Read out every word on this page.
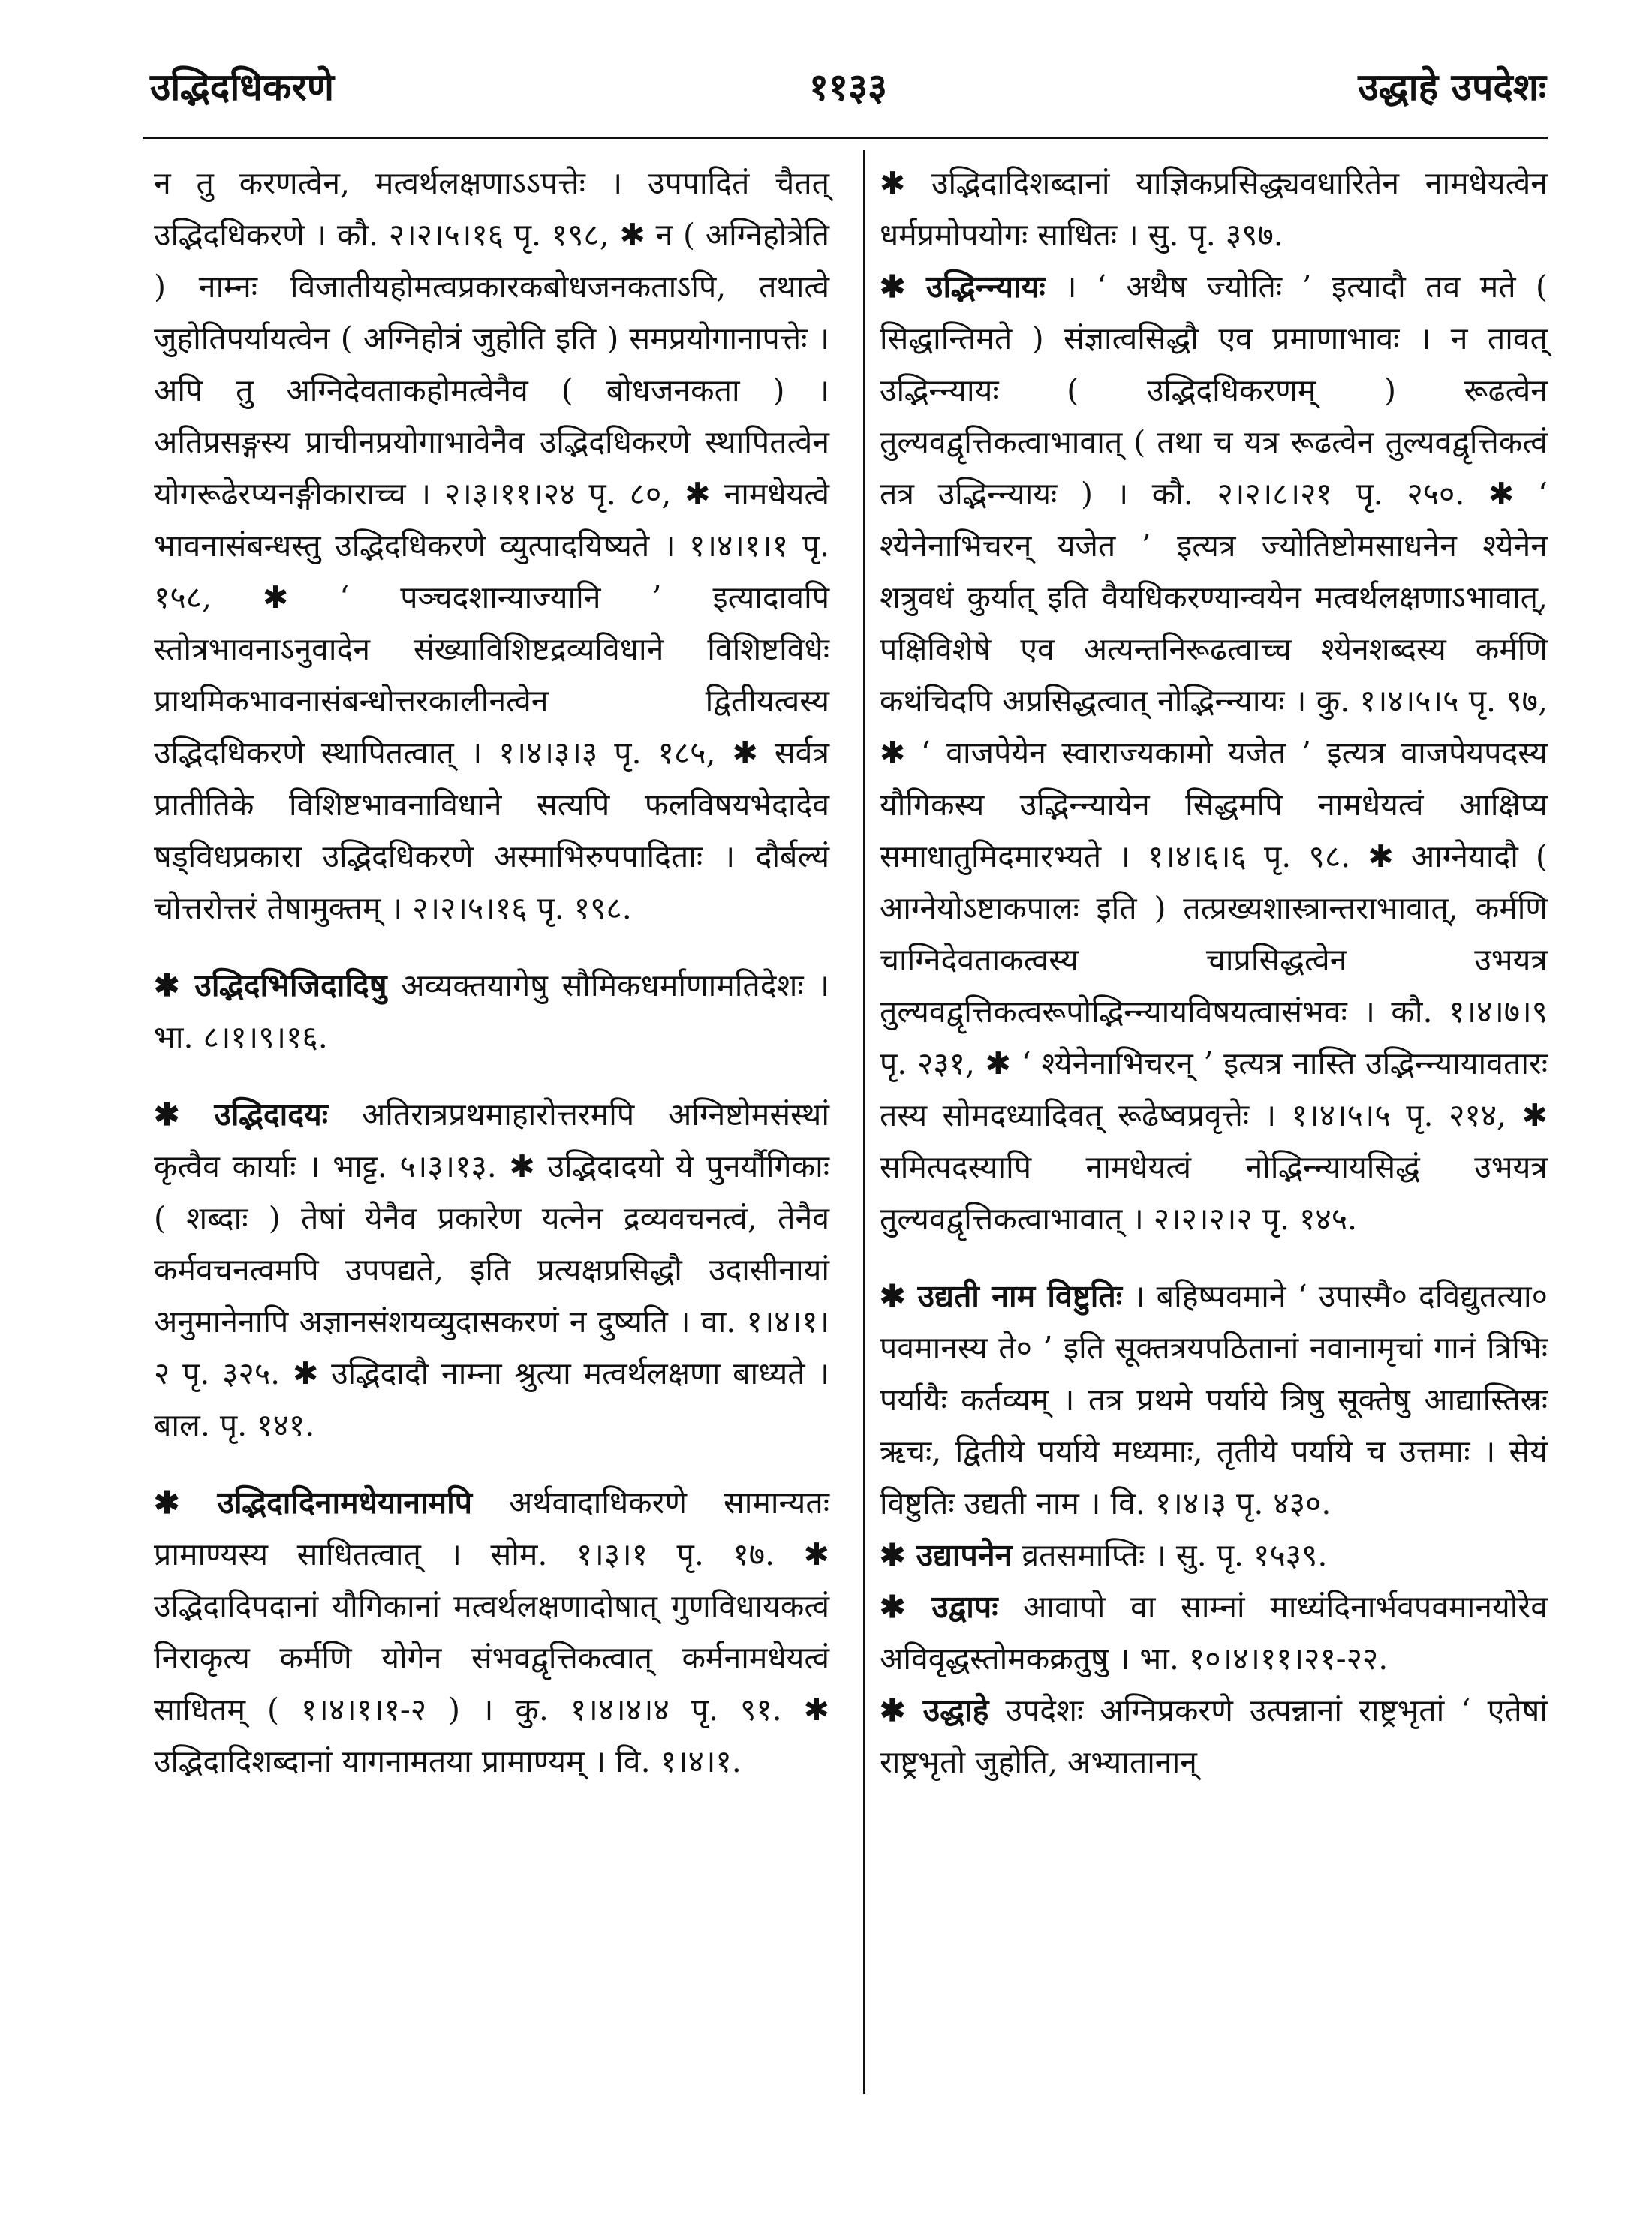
११३३
उद्भिदधिकरणे	उद्धाहे उपदेशः

न तु करणत्वेन, मत्वर्थलक्षणाऽऽपत्तेः । उपपादितं चैतत् उद्भिदधिकरणे । कौ. २।२।५।१६ पृ. १९८, ✱ न ( अग्निहोत्रेति ) नाम्नः विजातीयहोमत्वप्रकारकबोधजनकताऽपि, तथात्वे जुहोतिपर्यायत्वेन ( अग्निहोत्रं जुहोति इति ) समप्रयोगानापत्तेः । अपि तु अग्निदेवताकहोमत्वेनैव ( बोधजनकता ) । अतिप्रसङ्गस्य प्राचीनप्रयोगाभावेनैव उद्भिदधिकरणे स्थापितत्वेन योगरूढेरप्यनङ्गीकाराच्च । २।३।११।२४ पृ. ८०, ✱ नामधेयत्वे भावनासंबन्धस्तु उद्भिदधिकरणे व्युत्पादयिष्यते । १।४।१।१ पृ. १५८, ✱ ‘ पञ्चदशान्याज्यानि ’ इत्यादावपि स्तोत्रभावनाऽनुवादेन संख्याविशिष्टद्रव्यविधाने विशिष्टविधेः प्राथमिकभावनासंबन्धोत्तरकालीनत्वेन द्वितीयत्वस्य उद्भिदधिकरणे स्थापितत्वात् । १।४।३।३ पृ. १८५, ✱ सर्वत्र प्रातीतिके विशिष्टभावनाविधाने सत्यपि फलविषयभेदादेव षड्विधप्रकारा उद्भिदधिकरणे अस्माभिरुपपादिताः । दौर्बल्यं चोत्तरोत्तरं तेषामुक्तम् । २।२।५।१६ पृ. १९८.

✱ उद्भिदभिजिदादिषु अव्यक्तयागेषु सौमिकधर्माणामतिदेशः । भा. ८।१।९।१६.

✱ उद्भिदादयः अतिरात्रप्रथमाहारोत्तरमपि अग्निष्टोमसंस्थां कृत्वैव कार्याः । भाट्ट. ५।३।१३. ✱ उद्भिदादयो ये पुनर्यौगिकाः ( शब्दाः ) तेषां येनैव प्रकारेण यत्नेन द्रव्यवचनत्वं, तेनैव कर्मवचनत्वमपि उपपद्यते, इति प्रत्यक्षप्रसिद्धौ उदासीनायां अनुमानेनापि अज्ञानसंशयव्युदासकरणं न दुष्यति । वा. १।४।१।२ पृ. ३२५. ✱ उद्भिदादौ नाम्ना श्रुत्या मत्वर्थलक्षणा बाध्यते । बाल. पृ. १४१.

✱ उद्भिदादिनामधेयानामपि अर्थवादाधिकरणे सामान्यतः प्रामाण्यस्य साधितत्वात् । सोम. १।३।१ पृ. १७. ✱ उद्भिदादिपदानां यौगिकानां मत्वर्थलक्षणादोषात् गुणविधायकत्वं निराकृत्य कर्मणि योगेन संभवद्वृत्तिकत्वात् कर्मनामधेयत्वं साधितम् ( १।४।१।१-२ ) । कु. १।४।४।४ पृ. ९१. ✱ उद्भिदादिशब्दानां यागनामतया प्रामाण्यम् । वि. १।४।१.

✱ उद्भिदादिशब्दानां याज्ञिकप्रसिद्ध्यवधारितेन नामधेयत्वेन धर्मप्रमोपयोगः साधितः । सु. पृ. ३९७.

✱ उद्भिन्न्यायः । ‘ अथैष ज्योतिः ’ इत्यादौ तव मते ( सिद्धान्तिमते ) संज्ञात्वसिद्धौ एव प्रमाणाभावः । न तावत् उद्भिन्न्यायः ( उद्भिदधिकरणम् ) रूढत्वेन तुल्यवद्वृत्तिकत्वाभावात् ( तथा च यत्र रूढत्वेन तुल्यवद्वृत्तिकत्वं तत्र उद्भिन्न्यायः ) । कौ. २।२।८।२१ पृ. २५०. ✱ ‘ श्येनेनाभिचरन् यजेत ’ इत्यत्र ज्योतिष्टोमसाधनेन श्येनेन शत्रुवधं कुर्यात् इति वैयधिकरण्यान्वयेन मत्वर्थलक्षणाऽभावात्, पक्षिविशेषे एव अत्यन्तनिरूढत्वाच्च श्येनशब्दस्य कर्मणि कथंचिदपि अप्रसिद्धत्वात् नोद्भिन्न्यायः । कु. १।४।५।५ पृ. ९७, ✱ ‘ वाजपेयेन स्वाराज्यकामो यजेत ’ इत्यत्र वाजपेयपदस्य यौगिकस्य उद्भिन्न्यायेन सिद्धमपि नामधेयत्वं आक्षिप्य समाधातुमिदमारभ्यते । १।४।६।६ पृ. ९८. ✱ आग्नेयादौ ( आग्नेयोऽष्टाकपालः इति ) तत्प्रख्यशास्त्रान्तराभावात्, कर्मणि चाग्निदेवताकत्वस्य चाप्रसिद्धत्वेन उभयत्र तुल्यवद्वृत्तिकत्वरूपोद्भिन्न्यायविषयत्वासंभवः । कौ. १।४।७।९ पृ. २३१, ✱ ‘ श्येनेनाभिचरन् ’ इत्यत्र नास्ति उद्भिन्न्यायावतारः तस्य सोमदध्यादिवत् रूढेष्वप्रवृत्तेः । १।४।५।५ पृ. २१४, ✱ समित्पदस्यापि नामधेयत्वं नोद्भिन्न्यायसिद्धं उभयत्र तुल्यवद्वृत्तिकत्वाभावात् । २।२।२।२ पृ. १४५.

✱ उद्यती नाम विष्टुतिः । बहिष्पवमाने ‘ उपास्मै० दविद्युतत्या० पवमानस्य ते० ’ इति सूक्तत्रयपठितानां नवानामृचां गानं त्रिभिः पर्यायैः कर्तव्यम् । तत्र प्रथमे पर्याये त्रिषु सूक्तेषु आद्यास्तिस्रः ऋचः, द्वितीये पर्याये मध्यमाः, तृतीये पर्याये च उत्तमाः । सेयं विष्टुतिः उद्यती नाम । वि. १।४।३ पृ. ४३०.

✱ उद्यापनेन व्रतसमाप्तिः । सु. पृ. १५३९.

✱ उद्वापः आवापो वा साम्नां माध्यंदिनार्भवपवमानयोरेव अविवृद्धस्तोमकक्रतुषु । भा. १०।४।११।२१-२२.

✱ उद्धाहे उपदेशः अग्निप्रकरणे उत्पन्नानां राष्ट्रभृतां ‘ एतेषां राष्ट्रभृतो जुहोति, अभ्यातानान्
